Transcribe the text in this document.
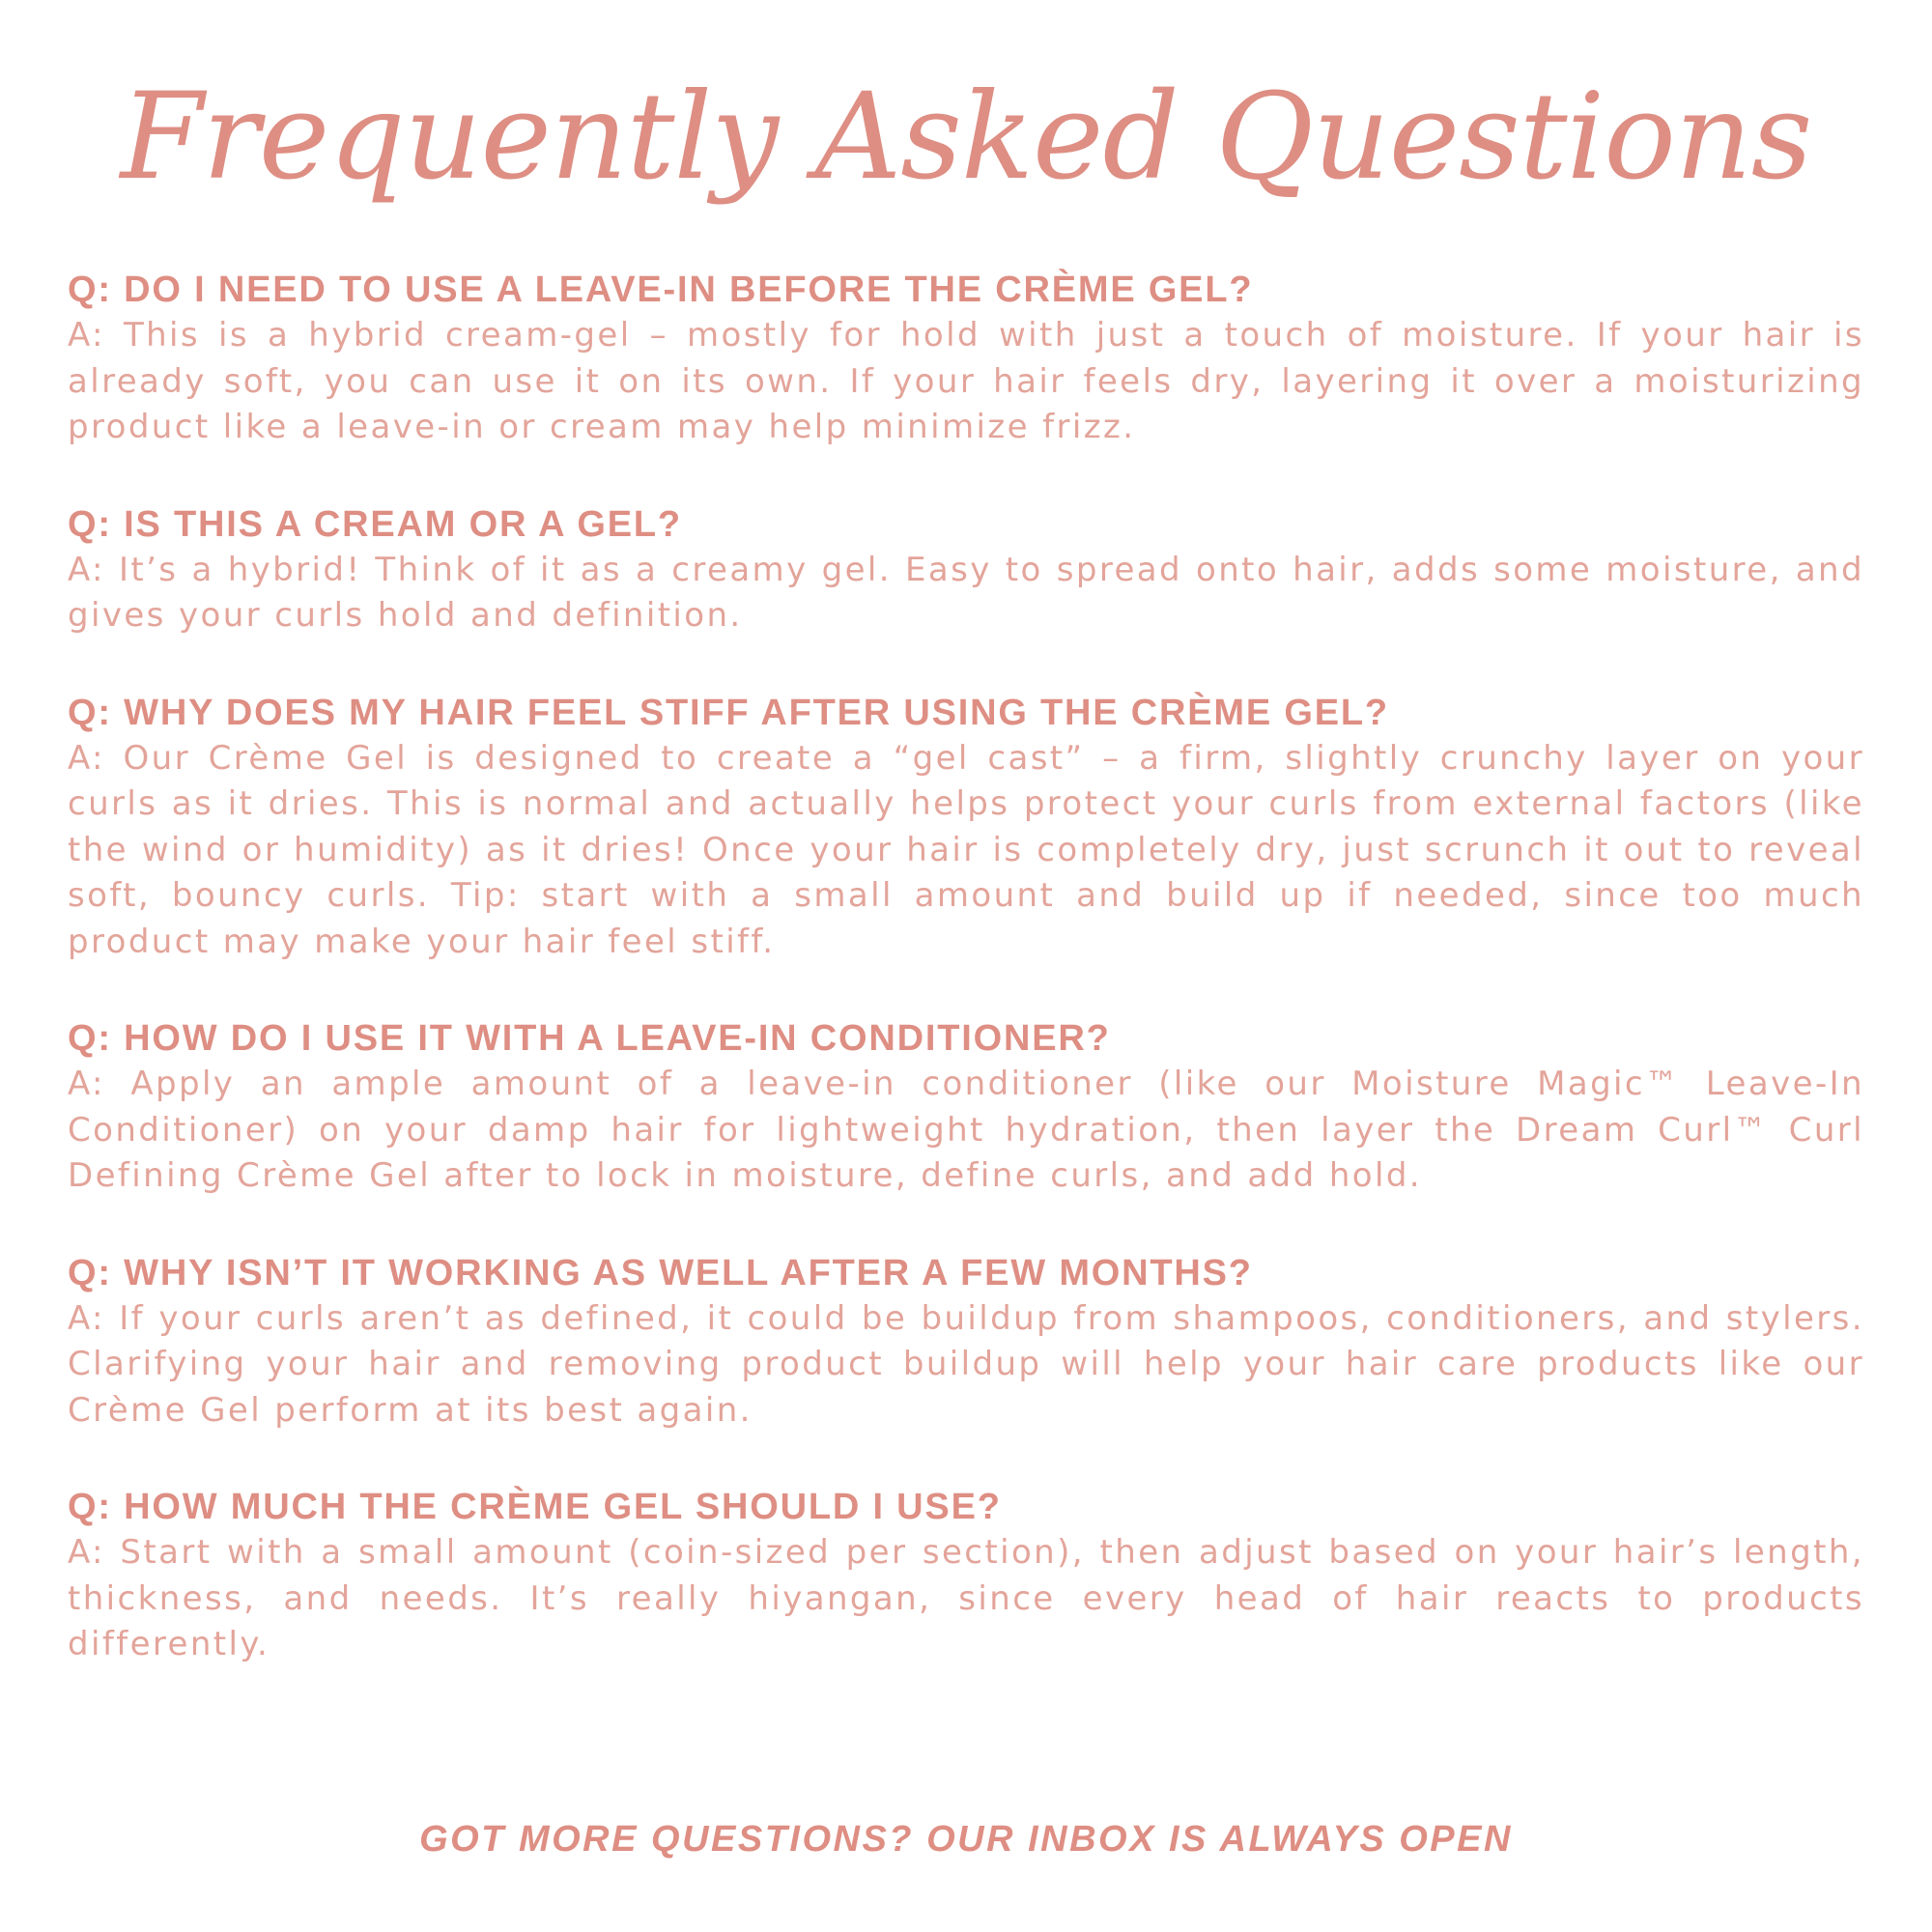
Frequently Asked Questions

Q: DO I NEED TO USE A LEAVE-IN BEFORE THE CRÈME GEL?

A: This is a hybrid cream-gel – mostly for hold with just a touch of moisture. If your hair is already soft, you can use it on its own. If your hair feels dry, layering it over a moisturizing product like a leave-in or cream may help minimize frizz.

Q: IS THIS A CREAM OR A GEL?

A: It’s a hybrid! Think of it as a creamy gel. Easy to spread onto hair, adds some moisture, and gives your curls hold and definition.

Q: WHY DOES MY HAIR FEEL STIFF AFTER USING THE CRÈME GEL?

A: Our Crème Gel is designed to create a “gel cast” – a firm, slightly crunchy layer on your curls as it dries. This is normal and actually helps protect your curls from external factors (like the wind or humidity) as it dries! Once your hair is completely dry, just scrunch it out to reveal soft, bouncy curls. Tip: start with a small amount and build up if needed, since too much product may make your hair feel stiff.

Q: HOW DO I USE IT WITH A LEAVE-IN CONDITIONER?

A: Apply an ample amount of a leave-in conditioner (like our Moisture Magic™ Leave-In Conditioner) on your damp hair for lightweight hydration, then layer the Dream Curl™ Curl Defining Crème Gel after to lock in moisture, define curls, and add hold.

Q: WHY ISN’T IT WORKING AS WELL AFTER A FEW MONTHS?

A: If your curls aren’t as defined, it could be buildup from shampoos, conditioners, and stylers. Clarifying your hair and removing product buildup will help your hair care products like our Crème Gel perform at its best again.

Q: HOW MUCH THE CRÈME GEL SHOULD I USE?

A: Start with a small amount (coin-sized per section), then adjust based on your hair’s length, thickness, and needs. It’s really hiyangan, since every head of hair reacts to products differently.

GOT MORE QUESTIONS? OUR INBOX IS ALWAYS OPEN
